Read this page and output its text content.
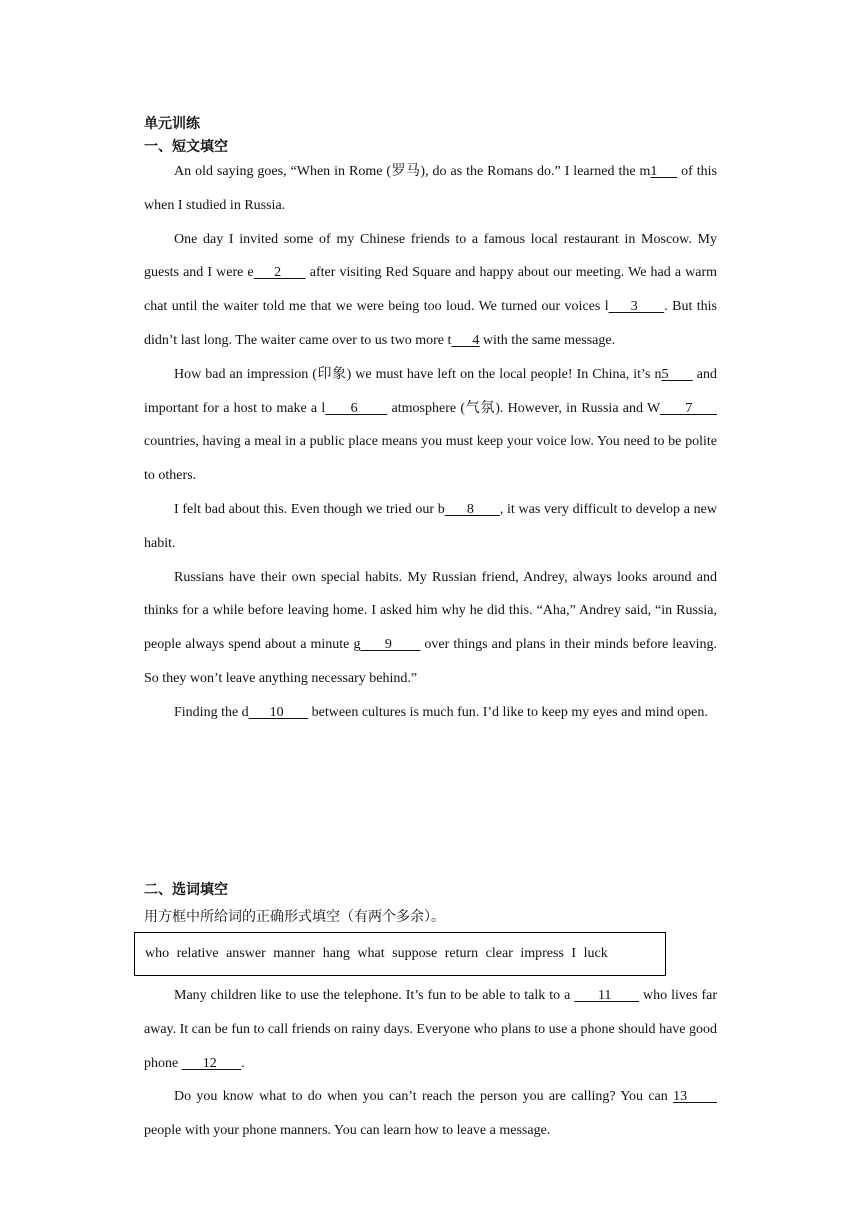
单元训练
一、短文填空

An old saying goes, “When in Rome (罗马), do as the Romans do.” I learned the m1      of this when I studied in Russia.

One day I invited some of my Chinese friends to a famous local restaurant in Moscow. My guests and I were e     2       after visiting Red Square and happy about our meeting. We had a warm chat until the waiter told me that we were being too loud. We turned our voices l     3      . But this didn’t last long. The waiter came over to us two more t      4 with the same message.

How bad an impression (印象) we must have left on the local people! In China, it’s n5       and important for a host to make a l      6        atmosphere (气氛). However, in Russia and W      7       countries, having a meal in a public place means you must keep your voice low. You need to be polite to others.

I felt bad about this. Even though we tried our b      8       , it was very difficult to develop a new habit.

Russians have their own special habits. My Russian friend, Andrey, always looks around and thinks for a while before leaving home. I asked him why he did this. “Aha,” Andrey said, “in Russia, people always spend about a minute g      9        over things and plans in their minds before leaving. So they won’t leave anything necessary behind.”

Finding the d      10        between cultures is much fun. I’d like to keep my eyes and mind open.

二、选词填空
用方框中所给词的正确形式填空（有两个多余）。
who relative answer manner hang what suppose return clear impress I luck

Many children like to use the telephone. It’s fun to be able to talk to a       11        who lives far away. It can be fun to call friends on rainy days. Everyone who plans to use a phone should have good phone       12       .

Do you know what to do when you can’t reach the person you are calling? You can 13       people with your phone manners. You can learn how to leave a message.
